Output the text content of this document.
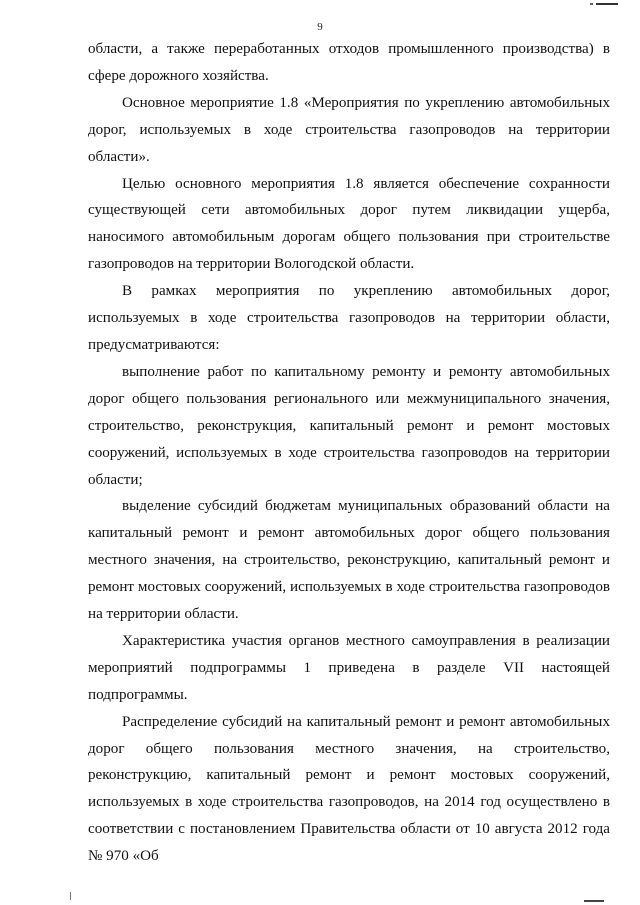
9

области, а также переработанных отходов промышленного производства) в сфере дорожного хозяйства.

Основное мероприятие 1.8 «Мероприятия по укреплению автомобильных дорог, используемых в ходе строительства газопроводов на территории области».

Целью основного мероприятия 1.8 является обеспечение сохранности существующей сети автомобильных дорог путем ликвидации ущерба, наносимого автомобильным дорогам общего пользования при строительстве газопроводов на территории Вологодской области.

В рамках мероприятия по укреплению автомобильных дорог, используемых в ходе строительства газопроводов на территории области, предусматриваются:

выполнение работ по капитальному ремонту и ремонту автомобильных дорог общего пользования регионального или межмуниципального значения, строительство, реконструкция, капитальный ремонт и ремонт мостовых сооружений, используемых в ходе строительства газопроводов на территории области;

выделение субсидий бюджетам муниципальных образований области на капитальный ремонт и ремонт автомобильных дорог общего пользования местного значения, на строительство, реконструкцию, капитальный ремонт и ремонт мостовых сооружений, используемых в ходе строительства газопроводов на территории области.

Характеристика участия органов местного самоуправления в реализации мероприятий подпрограммы 1 приведена в разделе VII настоящей подпрограммы.

Распределение субсидий на капитальный ремонт и ремонт автомобильных дорог общего пользования местного значения, на строительство, реконструкцию, капитальный ремонт и ремонт мостовых сооружений, используемых в ходе строительства газопроводов, на 2014 год осуществлено в соответствии с постановлением Правительства области от 10 августа 2012 года № 970 «Об
